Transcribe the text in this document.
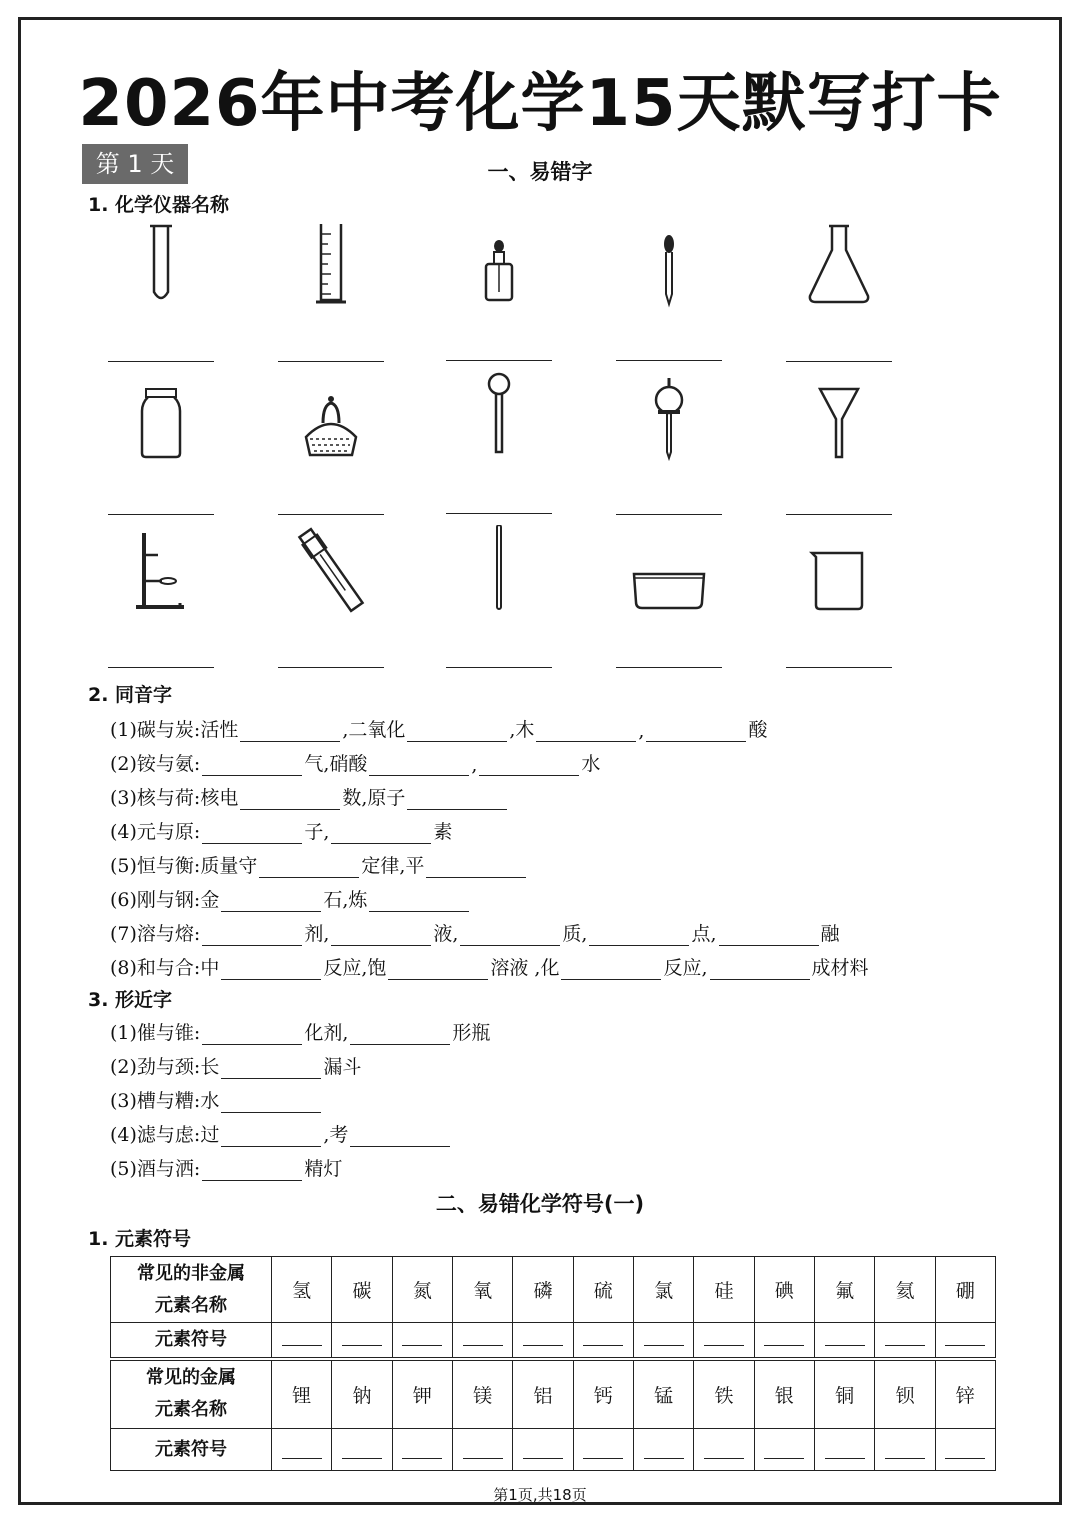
2026年中考化学15天默写打卡
第 1 天	一、易错字
1. 化学仪器名称
2. 同音字
(1)碳与炭:活性	,二氧化	,木	,	酸
(2)铵与氨:	气,硝酸	,	水
(3)核与荷:核电	数,原子
(4)元与原:	子,	素
(5)恒与衡:质量守	定律,平
(6)刚与钢:金	石,炼
(7)溶与熔:	剂,	液,	质,	点,	融
(8)和与合:中	反应,饱	溶液 ,化	反应,	成材料
3. 形近字
(1)催与锥:	化剂,	形瓶
(2)劲与颈:长	漏斗
(3)槽与糟:水
(4)滤与虑:过	,考
(5)酒与洒:	精灯
二、易错化学符号(一)
1. 元素符号
常见的非金属
元素名称	氢	碳	氮	氧	磷	硫	氯	硅	碘	氟	氦	硼
元素符号												
常见的金属
元素名称	锂	钠	钾	镁	铝	钙	锰	铁	银	铜	钡	锌
元素符号												
第1页,共18页
